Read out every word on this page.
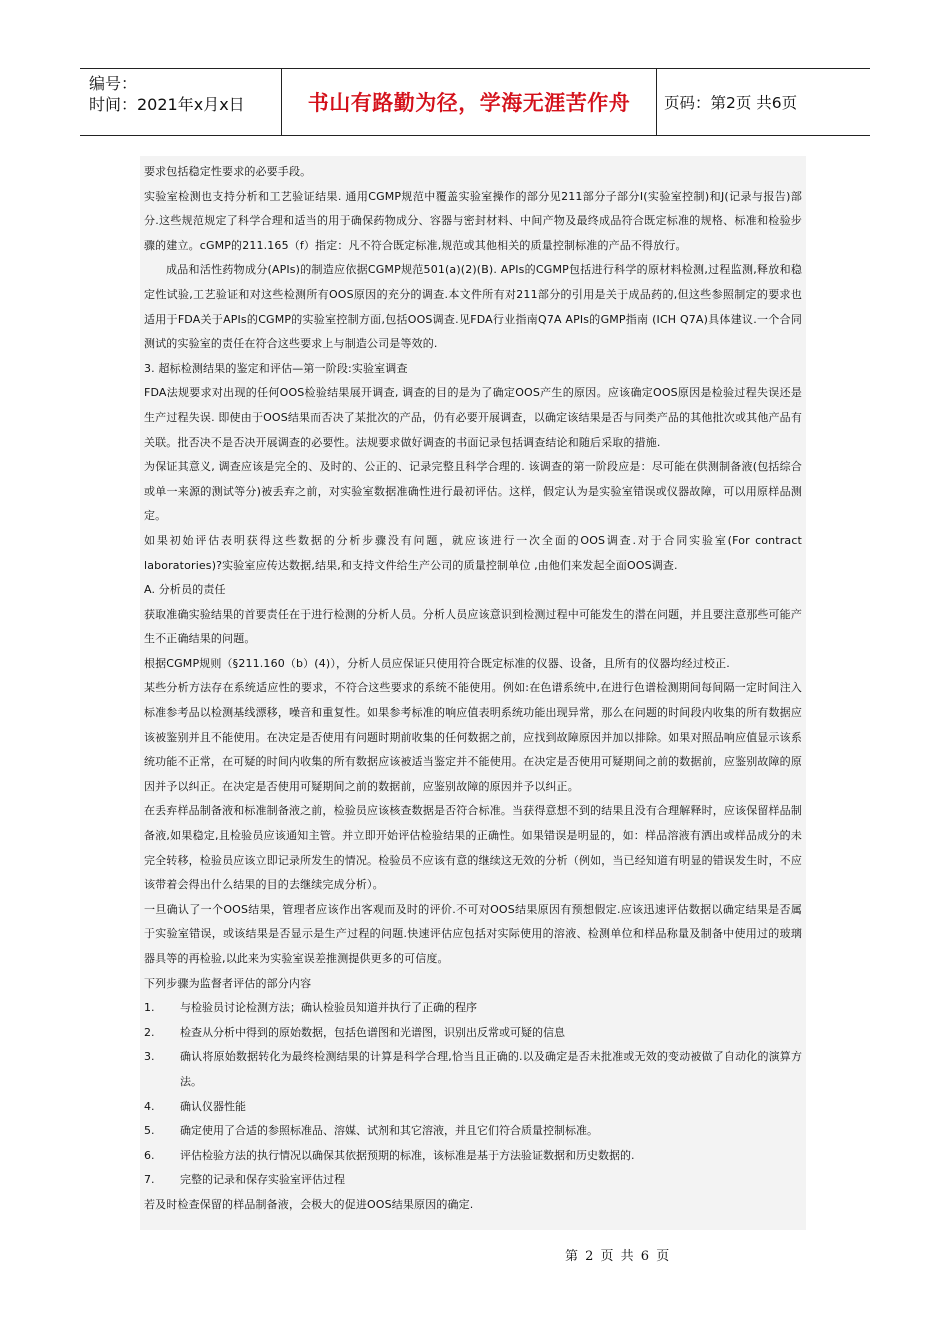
编号：
时间：2021年x月x日	书山有路勤为径，学海无涯苦作舟 页码：第2页 共6页

要求包括稳定性要求的必要手段。

实验室检测也支持分析和工艺验证结果. 通用CGMP规范中覆盖实验室操作的部分见211部分子部分I(实验室控制)和J(记录与报告)部分.这些规范规定了科学合理和适当的用于确保药物成分、容器与密封材料、中间产物及最终成品符合既定标准的规格、标准和检验步骤的建立。cGMP的211.165（f）指定：凡不符合既定标准,规范或其他相关的质量控制标准的产品不得放行。

成品和活性药物成分(APIs)的制造应依据CGMP规范501(a)(2)(B). APIs的CGMP包括进行科学的原材料检测,过程监测,释放和稳定性试验,工艺验证和对这些检测所有OOS原因的充分的调查.本文件所有对211部分的引用是关于成品药的,但这些参照制定的要求也适用于FDA关于APIs的CGMP的实验室控制方面,包括OOS调查.见FDA行业指南Q7A APIs的GMP指南 (ICH Q7A)具体建议.一个合同测试的实验室的责任在符合这些要求上与制造公司是等效的.

3. 超标检测结果的鉴定和评估—第一阶段:实验室调查

FDA法规要求对出现的任何OOS检验结果展开调查, 调查的目的是为了确定OOS产生的原因。应该确定OOS原因是检验过程失误还是生产过程失误. 即使由于OOS结果而否决了某批次的产品，仍有必要开展调查，以确定该结果是否与同类产品的其他批次或其他产品有关联。批否决不是否决开展调查的必要性。法规要求做好调查的书面记录包括调查结论和随后采取的措施.

为保证其意义, 调查应该是完全的、及时的、公正的、记录完整且科学合理的. 该调查的第一阶段应是：尽可能在供测制备液(包括综合或单一来源的测试等分)被丢弃之前，对实验室数据准确性进行最初评估。这样，假定认为是实验室错误或仪器故障，可以用原样品测定。

如果初始评估表明获得这些数据的分析步骤没有问题，就应该进行一次全面的OOS调查.对于合同实验室(For contract laboratories)?实验室应传达数据,结果,和支持文件给生产公司的质量控制单位 ,由他们来发起全面OOS调查.

A. 分析员的责任

获取准确实验结果的首要责任在于进行检测的分析人员。分析人员应该意识到检测过程中可能发生的潜在问题，并且要注意那些可能产生不正确结果的问题。

根据CGMP规则（§211.160（b）(4)），分析人员应保证只使用符合既定标准的仪器、设备，且所有的仪器均经过校正.

某些分析方法存在系统适应性的要求，不符合这些要求的系统不能使用。例如:在色谱系统中,在进行色谱检测期间每间隔一定时间注入标准参考品以检测基线漂移，噪音和重复性。如果参考标准的响应值表明系统功能出现异常，那么在问题的时间段内收集的所有数据应该被鉴别并且不能使用。在决定是否使用有问题时期前收集的任何数据之前，应找到故障原因并加以排除。如果对照品响应值显示该系统功能不正常，在可疑的时间内收集的所有数据应该被适当鉴定并不能使用。在决定是否使用可疑期间之前的数据前，应鉴别故障的原因并予以纠正。在决定是否使用可疑期间之前的数据前，应鉴别故障的原因并予以纠正。

在丢弃样品制备液和标准制备液之前，检验员应该核查数据是否符合标准。当获得意想不到的结果且没有合理解释时，应该保留样品制备液,如果稳定,且检验员应该通知主管。并立即开始评估检验结果的正确性。如果错误是明显的，如：样品溶液有洒出或样品成分的未完全转移，检验员应该立即记录所发生的情况。检验员不应该有意的继续这无效的分析（例如，当已经知道有明显的错误发生时，不应该带着会得出什么结果的目的去继续完成分析）。

一旦确认了一个OOS结果，管理者应该作出客观而及时的评价.不可对OOS结果原因有预想假定.应该迅速评估数据以确定结果是否属于实验室错误，或该结果是否显示是生产过程的问题.快速评估应包括对实际使用的溶液、检测单位和样品称量及制备中使用过的玻璃器具等的再检验,以此来为实验室误差推测提供更多的可信度。

下列步骤为监督者评估的部分内容

1.	与检验员讨论检测方法；确认检验员知道并执行了正确的程序
2.	检查从分析中得到的原始数据，包括色谱图和光谱图，识别出反常或可疑的信息
3.	确认将原始数据转化为最终检测结果的计算是科学合理,恰当且正确的.以及确定是否未批准或无效的变动被做了自动化的演算方法。
4.	确认仪器性能
5.	确定使用了合适的参照标准品、溶媒、试剂和其它溶液，并且它们符合质量控制标准。
6.	评估检验方法的执行情况以确保其依据预期的标准，该标准是基于方法验证数据和历史数据的.
7.	完整的记录和保存实验室评估过程

若及时检查保留的样品制备液，会极大的促进OOS结果原因的确定.

第 2 页 共 6 页
